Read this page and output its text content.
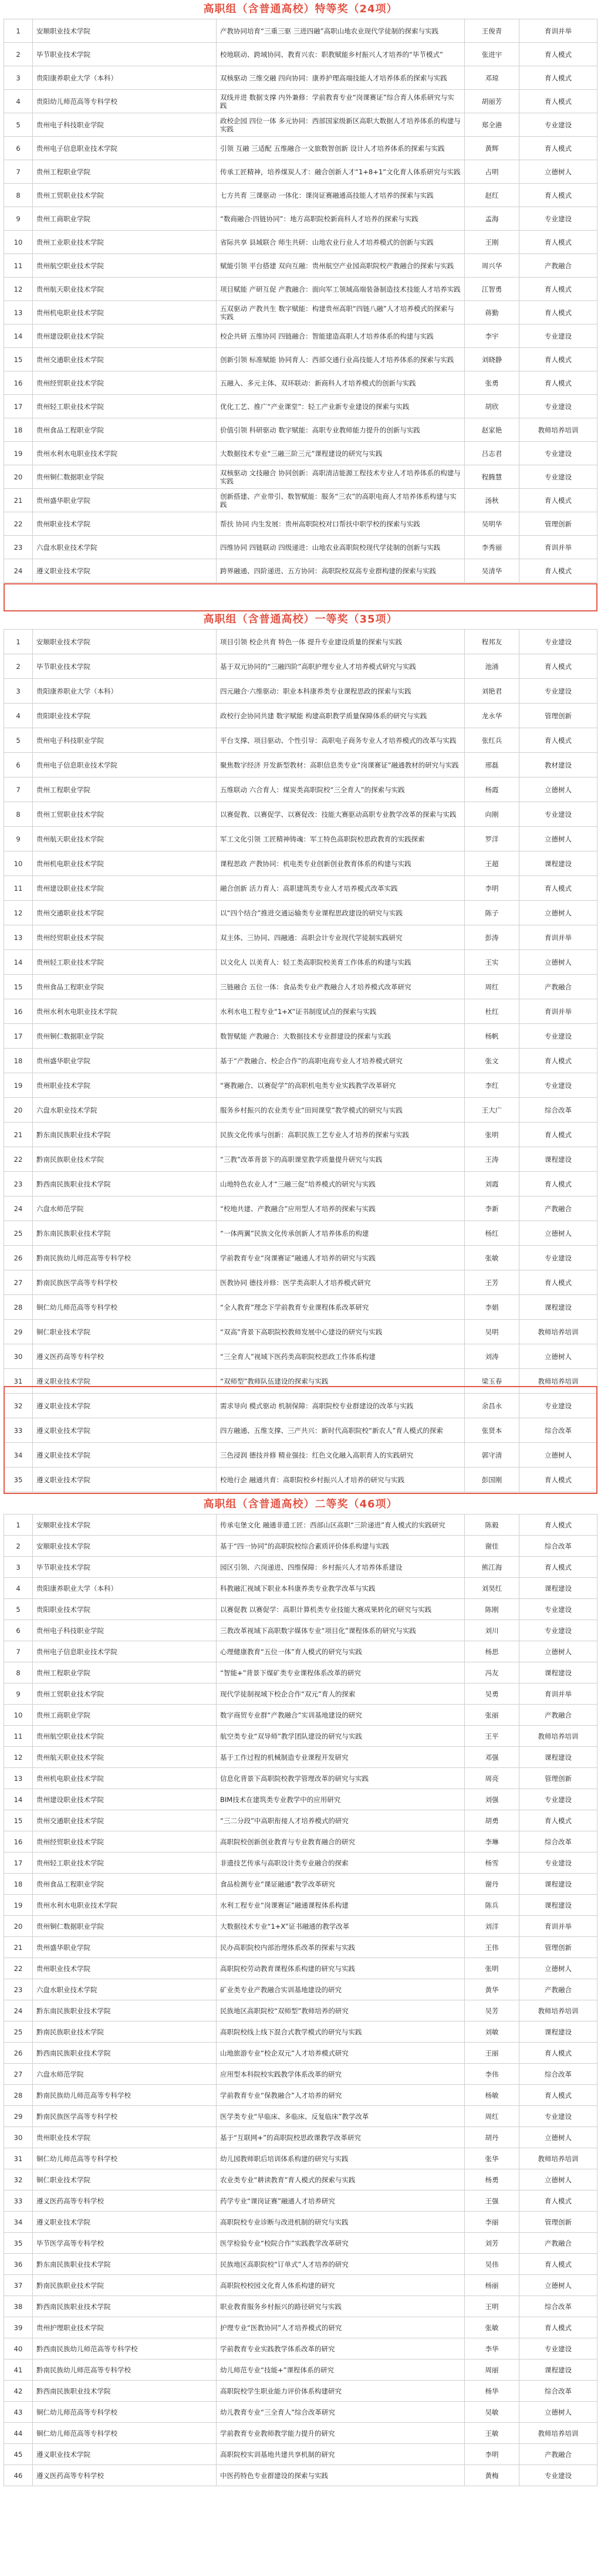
高职组（含普通高校）特等奖（24项）
1	安顺职业技术学院	产教协同培育“三重三驱 三进四融”高职山地农业现代学徒制的探索与实践	王俊青	育训并举
2	毕节职业技术学院	校地联动、跨域协同、教育兴农：职教赋能乡村振兴人才培养的“毕节模式”	张进宇	育人模式
3	贵阳康养职业大学（本科）	双核驱动 三维交融 四向协同：康养护理高端技能人才培养体系的探索与实践	邓琼	育人模式
4	贵阳幼儿师范高等专科学校	双线并进 数据支撑 内外兼修：学前教育专业“岗课赛证”综合育人体系研究与实践	胡丽芳	育人模式
5	贵州电子科技职业学院	政校企园 四位一体 多元协同：西部国家级新区高职大数据人才培养体系的构建与实践	郑全港	专业建设
6	贵州电子信息职业技术学院	引领 互融 三适配 五维融合一文旅数智创新 设计人才培养体系的探索与实践	黄辉	育人模式
7	贵州工程职业学院	传承工匠精神，培养煤炭人才：融合创新人才“1+8+1”文化育人体系研究与实践	占明	立德树人
8	贵州工贸职业技术学院	七方共育 三课驱动 一体化：课岗证赛融通高技能人才培养的探索与实践	赵红	育人模式
9	贵州工商职业学院	“数商融合·四链协同”：地方高职院校新商科人才培养的探索与实践	孟海	专业建设
10	贵州工业职业技术学院	省际共享 县域联合 师生共研：山地农业行业人才培养模式的创新与实践	王刚	育人模式
11	贵州航空职业技术学院	赋能引领 平台搭建 双向互融：贵州航空产业园高职院校产教融合的探索与实践	周兴华	产教融合
12	贵州航天职业技术学院	项目赋能 产研互促 产教融合：面向军工领域高端装备制造技术技能人才培养实践	江智勇	育人模式
13	贵州机电职业技术学院	五双驱动 产教共生 数字赋能：构建贵州高职“四链八融”人才培养模式的探索与实践	蒋勤	育人模式
14	贵州建设职业技术学院	校企共研 五维协同 四链融合：智能建造高职人才培养体系的构建与实践	李宇	专业建设
15	贵州交通职业技术学院	创新引领 标准赋能 协同育人：西部交通行业高技能人才培养体系的探索与实践	刘晓静	育人模式
16	贵州经贸职业技术学院	五融入、多元主体、双环联动：新商科人才培养模式的创新与实践	张勇	育人模式
17	贵州轻工职业技术学院	优化工艺、推广“产业课堂”：轻工产业新专业建设的探索与实践	胡欣	专业建设
18	贵州食品工程职业学院	价值引领 科研驱动 数字赋能：高职专业教师能力提升的创新与实践	赵家艳	教师培养培训
19	贵州水利水电职业技术学院	大数据技术专业“三融三阶三元”课程建设的研究与实践	吕志君	专业建设
20	贵州铜仁数据职业学院	双核驱动 文技融合 协同创新：高职清洁能源工程技术专业人才培养体系的构建与实践	程腾慧	专业建设
21	贵州盛华职业学院	创新搭建、产业带引、数智赋能：服务“三农”的高职电商人才培养体系构建与实践	汤秋	育人模式
22	贵州职业技术学院	帮扶 协同 内生发展：贵州高职院校对口帮扶中职学校的探索与实践	吴明华	管理创新
23	六盘水职业技术学院	四维协同 四链联动 四级递进：山地农业高职院校现代学徒制的创新与实践	李秀丽	育训并举
24	遵义职业技术学院	跨界融通、四阶递进、五方协同：高职院校双高专业群构建的探索与实践	吴清华	育人模式
高职组（含普通高校）一等奖（35项）
1	安顺职业技术学院	项目引领 校企共育 特色一体 提升专业建设质量的探索与实践	程邦友	专业建设
2	毕节职业技术学院	基于双元协同的“三融四阶”高职护理专业人才培养模式研究与实践	池涌	育人模式
3	贵阳康养职业大学（本科）	四元融合·六维驱动：职业本科康养类专业课程思政的探索与实践	刘艳君	专业建设
4	贵阳职业技术学院	政校行企协同共建 数字赋能 构建高职教学质量保障体系的研究与实践	龙永华	管理创新
5	贵州电子科技职业学院	平台支撑、项目驱动、个性引导：高职电子商务专业人才培养模式的改革与实践	张红兵	育人模式
6	贵州电子信息职业技术学院	聚焦数字经济 开发新型教材：高职信息类专业“岗课赛证”融通教材的研究与实践	邢磊	教材建设
7	贵州工程职业学院	五维联动 六合育人：煤炭类高职院校“三全育人”的探索与实践	杨霞	立德树人
8	贵州工贸职业技术学院	以赛促教、以赛促学、以赛促改：技能大赛驱动高职专业教学改革的探索与实践	向刚	专业建设
9	贵州航天职业技术学院	军工文化引领 工匠精神铸魂：军工特色高职院校思政教育的实践探索	罗洋	立德树人
10	贵州机电职业技术学院	课程思政 产教协同：机电类专业创新创业教育体系的构建与实践	王超	课程建设
11	贵州建设职业技术学院	融合创新 活力育人：高职建筑类专业人才培养模式改革实践	李明	育人模式
12	贵州交通职业技术学院	以“四个结合”推进交通运输类专业课程思政建设的研究与实践	陈子	立德树人
13	贵州经贸职业技术学院	双主体、三协同、四融通：高职会计专业现代学徒制实践研究	彭涛	育训并举
14	贵州轻工职业技术学院	以文化人 以美育人：轻工类高职院校美育工作体系的构建与实践	王实	立德树人
15	贵州食品工程职业学院	三链融合 五位一体：食品类专业产教融合人才培养模式改革研究	周红	产教融合
16	贵州水利水电职业技术学院	水利水电工程专业“1+X”证书制度试点的探索与实践	杜红	育训并举
17	贵州铜仁数据职业学院	数智赋能 产教融合：大数据技术专业群建设的探索与实践	杨帆	专业建设
18	贵州盛华职业学院	基于“产教融合、校企合作”的高职电商专业人才培养模式研究	张文	育人模式
19	贵州职业技术学院	“赛教融合、以赛促学”的高职机电类专业实践教学改革研究	李红	专业建设
20	六盘水职业技术学院	服务乡村振兴的农业类专业“田间课堂”教学模式的研究与实践	王大广	综合改革
21	黔东南民族职业技术学院	民族文化传承与创新：高职民族工艺专业人才培养的探索与实践	张明	育人模式
22	黔南民族职业技术学院	“三教”改革背景下的高职课堂教学质量提升研究与实践	王涛	课程建设
23	黔西南民族职业技术学院	山地特色农业人才“三融三促”培养模式的研究与实践	刘霞	育人模式
24	六盘水师范学院	“校地共建、产教融合”应用型人才培养的探索与实践	李新	产教融合
25	黔东南民族职业技术学院	“一体两翼”民族文化传承创新人才培养体系的构建	杨红	立德树人
26	黔南民族幼儿师范高等专科学校	学前教育专业“岗课赛证”融通人才培养的研究与实践	张敏	专业建设
27	黔南民族医学高等专科学校	医教协同 德技并修：医学类高职人才培养模式研究	王芳	育人模式
28	铜仁幼儿师范高等专科学校	“全人教育”理念下学前教育专业课程体系改革研究	李娟	课程建设
29	铜仁职业技术学院	“双高”背景下高职院校教师发展中心建设的研究与实践	吴明	教师培养培训
30	遵义医药高等专科学校	“三全育人”视域下医药类高职院校思政工作体系构建	刘涛	立德树人
31	遵义职业技术学院	“双师型”教师队伍建设的探索与实践	梁玉春	教师培养培训
32	遵义职业技术学院	需求导向 模式驱动 机制保障：高职院校专业群建设的改革与实践	余昌永	专业建设
33	遵义职业技术学院	四方融通、五维支撑、三产共兴：新时代高职院校“新农人”育人模式的探索	张贤本	综合改革
34	遵义职业技术学院	三色浸润 德技并修 精业强技：红色文化融入高职育人的实践研究	郭守清	立德树人
35	遵义职业技术学院	校地行企 融通共育：高职院校乡村振兴人才培养的研究与实践	彭国刚	育人模式
高职组（含普通高校）二等奖（46项）
1	安顺职业技术学院	传承屯堡文化 融通非遗工匠：西部山区高职“三阶递进”育人模式的实践研究	陈毅	育人模式
2	安顺职业技术学院	基于“四一协同”的高职院校综合素质评价体系构建与实践	谢佳	综合改革
3	毕节职业技术学院	园区引领、六岗递进、四维保障：乡村振兴人才培养体系建设	熊江海	育人模式
4	贵阳康养职业大学（本科）	科教融汇视域下职业本科康养类专业教学改革与实践	刘昊红	课程建设
5	贵阳职业技术学院	以赛促教 以赛促学：高职计算机类专业技能大赛成果转化的研究与实践	陈刚	专业建设
6	贵州电子科技职业学院	三教改革视域下高职数字媒体专业“项目化”课程体系的研究与实践	刘川	专业建设
7	贵州电子信息职业技术学院	心理健康教育“五位一体”育人模式的研究与实践	杨思	立德树人
8	贵州工程职业学院	“智能+”背景下煤矿类专业课程体系改革的研究	冯友	课程建设
9	贵州工贸职业技术学院	现代学徒制视域下校企合作“双元”育人的探索	吴勇	育训并举
10	贵州工商职业学院	数字商贸专业群“产教融合”实训基地建设的研究	张丽	产教融合
11	贵州航空职业技术学院	航空类专业“双导师”教学团队建设的研究与实践	王平	教师培养培训
12	贵州航天职业技术学院	基于工作过程的机械制造专业课程开发研究	邓强	课程建设
13	贵州机电职业技术学院	信息化背景下高职院校教学管理改革的研究与实践	周亮	管理创新
14	贵州建设职业技术学院	BIM技术在建筑类专业教学中的应用研究	刘强	专业建设
15	贵州交通职业技术学院	“三二分段”中高职衔接人才培养模式的研究	胡勇	育人模式
16	贵州经贸职业技术学院	高职院校创新创业教育与专业教育融合的研究	李琳	综合改革
17	贵州轻工职业技术学院	非遗技艺传承与高职设计类专业融合的探索	杨雪	专业建设
18	贵州食品工程职业学院	食品检测专业“课证融通”教学改革研究	谢丹	课程建设
19	贵州水利水电职业技术学院	水利工程专业“岗课赛证”融通课程体系构建	陈兵	课程建设
20	贵州铜仁数据职业学院	大数据技术专业“1+X”证书融通的教学改革	刘洋	育训并举
21	贵州盛华职业学院	民办高职院校内部治理体系改革的探索与实践	王伟	管理创新
22	贵州职业技术学院	高职院校劳动教育课程体系构建的研究与实践	张明	立德树人
23	六盘水职业技术学院	矿业类专业产教融合实训基地建设的研究	黄华	产教融合
24	黔东南民族职业技术学院	民族地区高职院校“双师型”教师培养的研究	吴芳	教师培养培训
25	黔南民族职业技术学院	高职院校线上线下混合式教学模式的研究与实践	刘敏	课程建设
26	黔西南民族职业技术学院	山地旅游专业“校企双元”人才培养模式研究	王丽	育人模式
27	六盘水师范学院	应用型本科院校实践教学体系改革的研究	李伟	综合改革
28	黔南民族幼儿师范高等专科学校	学前教育专业“保教融合”人才培养的研究	杨敏	育人模式
29	黔南民族医学高等专科学校	医学类专业“早临床、多临床、反复临床”教学改革	周红	专业建设
30	贵州职业技术学院	基于“互联网+”的高职院校思政课教学改革研究	胡丹	立德树人
31	铜仁幼儿师范高等专科学校	幼儿园教师职后培训体系构建的研究与实践	张华	教师培养培训
32	铜仁职业技术学院	农业类专业“耕读教育”育人模式的探索与实践	杨勇	立德树人
33	遵义医药高等专科学校	药学专业“课岗证赛”融通人才培养研究	王强	育人模式
34	遵义职业技术学院	高职院校专业诊断与改进机制的研究与实践	李丽	管理创新
35	毕节医学高等专科学校	医学检验专业“校院合作”实践教学改革研究	刘芳	产教融合
36	黔东南民族职业技术学院	民族地区高职院校“订单式”人才培养的研究	吴伟	育人模式
37	黔南民族职业技术学院	高职院校校园文化育人体系构建的研究	杨丽	立德树人
38	黔西南民族职业技术学院	职业教育服务乡村振兴的路径研究与实践	王明	综合改革
39	贵州护理职业技术学院	护理专业“医教协同”人才培养模式的研究	张敏	育人模式
40	黔西南民族幼儿师范高等专科学校	学前教育专业实践教学体系改革的研究	李华	专业建设
41	黔南民族幼儿师范高等专科学校	幼儿师范专业“技能+”课程体系的研究	周丽	课程建设
42	黔西南民族职业技术学院	高职院校学生职业能力评价体系构建研究	杨华	综合改革
43	铜仁幼儿师范高等专科学校	幼儿教育专业“三全育人”综合改革研究	吴敏	立德树人
44	铜仁幼儿师范高等专科学校	学前教育专业教师教学能力提升的研究	王敏	教师培养培训
45	遵义职业技术学院	高职院校实训基地共建共享机制的研究	李明	产教融合
46	遵义医药高等专科学校	中医药特色专业群建设的探索与实践	黄梅	专业建设
